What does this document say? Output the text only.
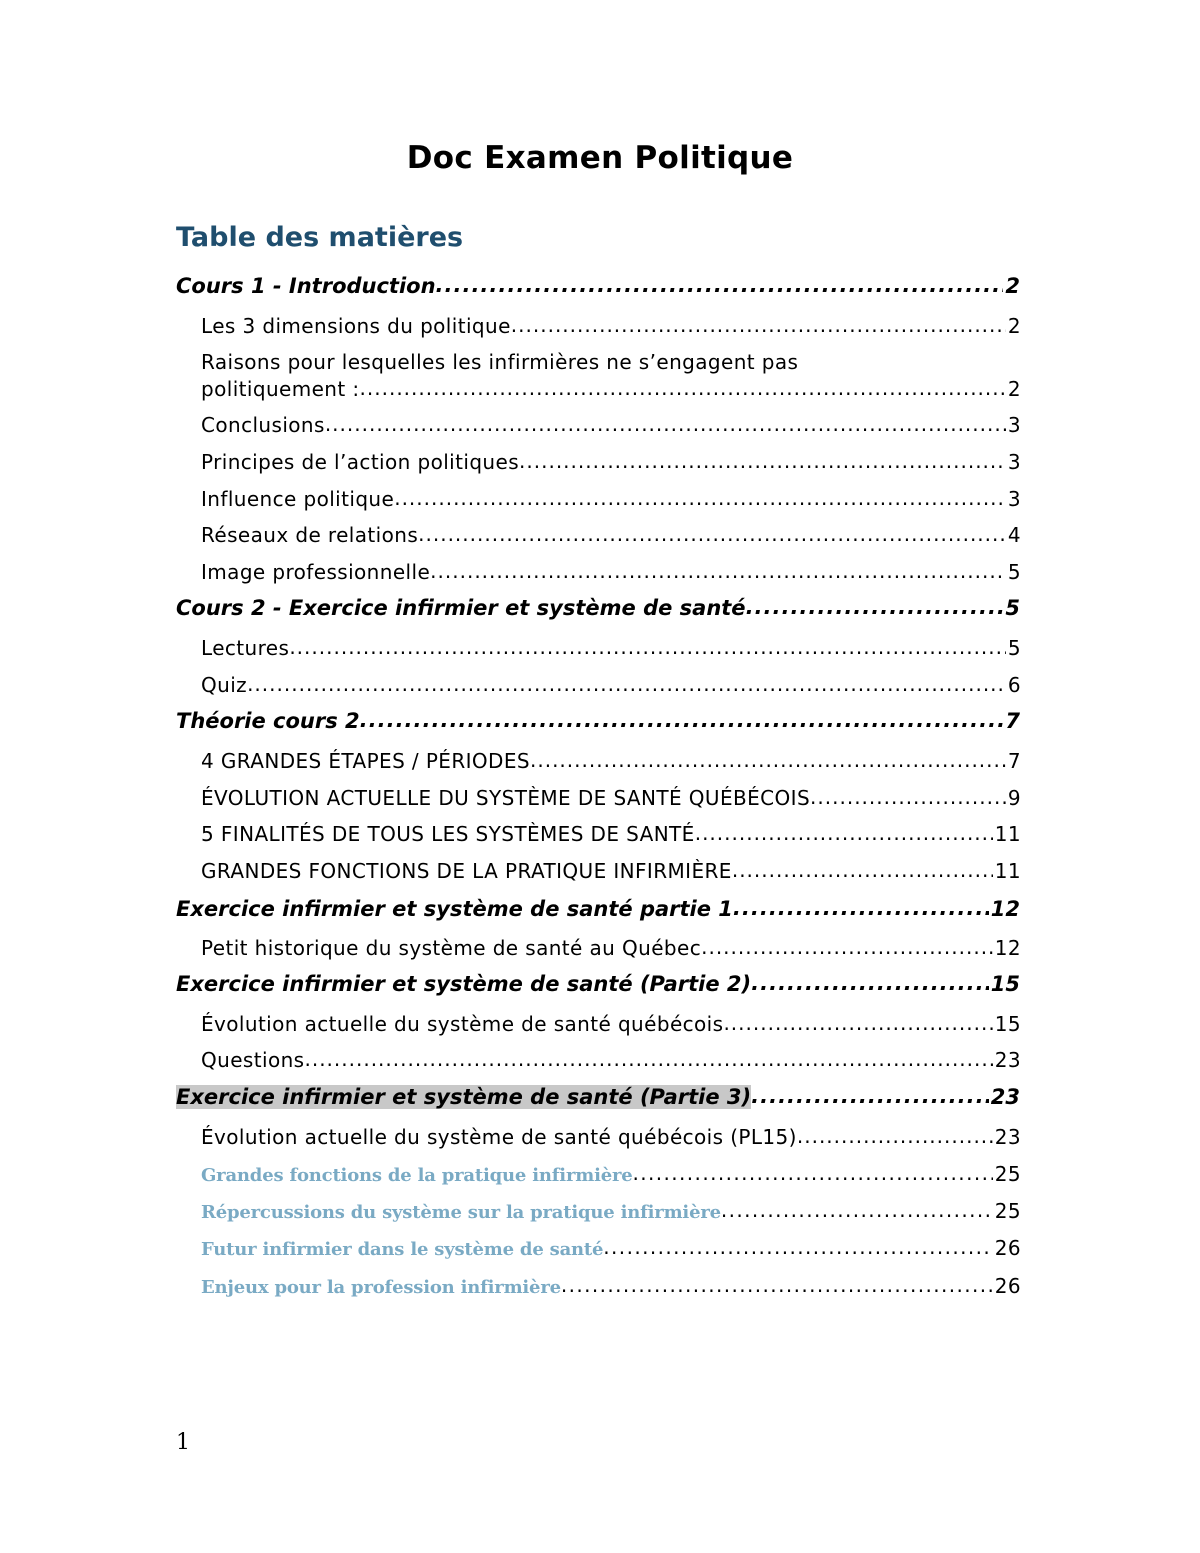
Doc Examen Politique
Table des matières
Cours 1 - Introduction .....	2
Les 3 dimensions du politique .....	2
Raisons pour lesquelles les infirmières ne s’engagent pas
politiquement : .....	2
Conclusions .....	3
Principes de l’action politiques .....	3
Influence politique .....	3
Réseaux de relations .....	4
Image professionnelle .....	5
Cours 2 - Exercice infirmier et système de santé .....	5
Lectures .....	5
Quiz .....	6
Théorie cours 2 .....	7
4 GRANDES ÉTAPES / PÉRIODES .....	7
ÉVOLUTION ACTUELLE DU SYSTÈME DE SANTÉ QUÉBÉCOIS .....	9
5 FINALITÉS DE TOUS LES SYSTÈMES DE SANTÉ .....	11
GRANDES FONCTIONS DE LA PRATIQUE INFIRMIÈRE .....	11
Exercice infirmier et système de santé partie 1 .....	12
Petit historique du système de santé au Québec .....	12
Exercice infirmier et système de santé (Partie 2) .....	15
Évolution actuelle du système de santé québécois .....	15
Questions .....	23
Exercice infirmier et système de santé (Partie 3) .....	23
Évolution actuelle du système de santé québécois (PL15) .....	23
Grandes fonctions de la pratique infirmière .....	25
Répercussions du système sur la pratique infirmière .....	25
Futur infirmier dans le système de santé .....	26
Enjeux pour la profession infirmière .....	26
1
